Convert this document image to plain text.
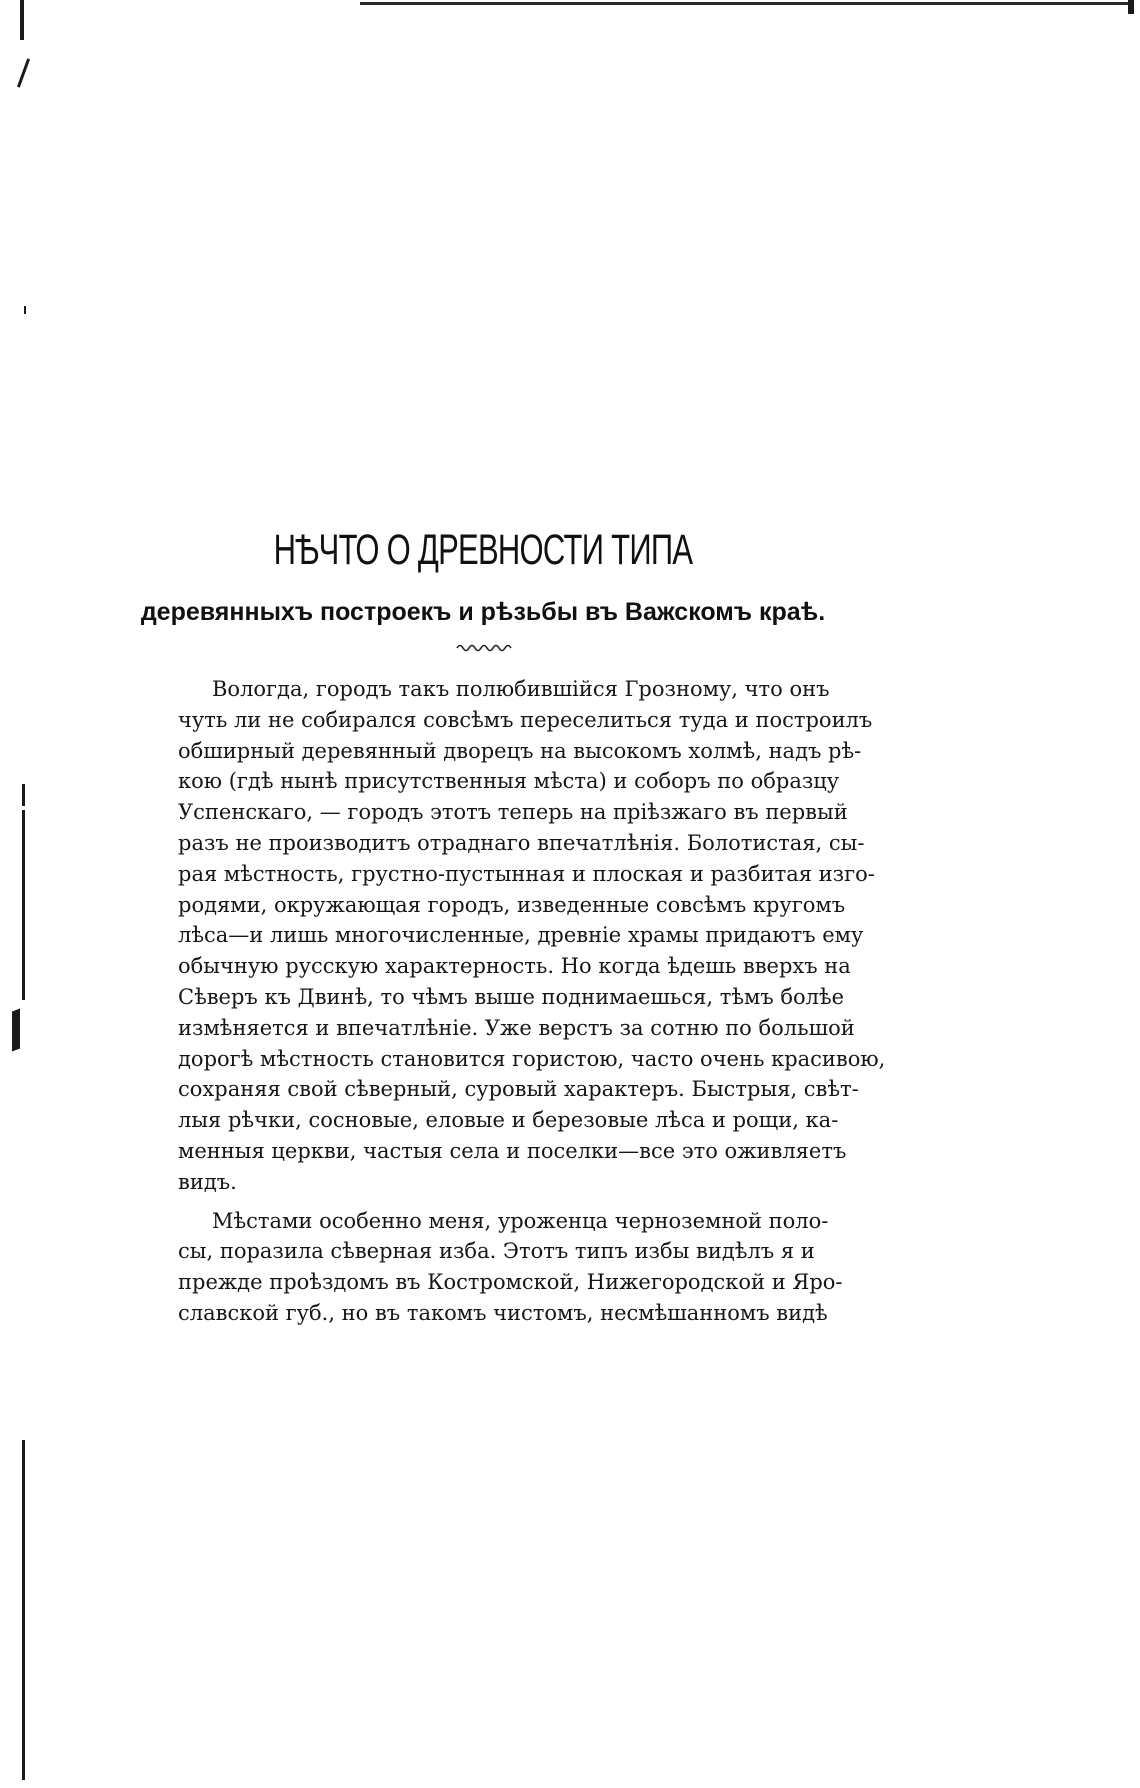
НѢЧТО О ДРЕВНОСТИ ТИПА
деревянныхъ построекъ и рѣзьбы въ Важскомъ краѣ.
Вологда, городъ такъ полюбившiйся Грозному, что онъ
чуть ли не собирался совсѣмъ переселиться туда и построилъ
обширный деревянный дворецъ на высокомъ холмѣ, надъ рѣ-
кою (гдѣ нынѣ присутственныя мѣста) и соборъ по образцу
Успенскаго, — городъ этотъ теперь на прiѣзжаго въ первый
разъ не производитъ отраднаго впечатлѣнiя. Болотистая, сы-
рая мѣстность, грустно-пустынная и плоская и разбитая изго-
родями, окружающая городъ, изведенные совсѣмъ кругомъ
лѣса—и лишь многочисленные, древнiе храмы придаютъ ему
обычную русскую характерность. Но когда ѣдешь вверхъ на
Сѣверъ къ Двинѣ, то чѣмъ выше поднимаешься, тѣмъ болѣе
измѣняется и впечатлѣнiе. Уже верстъ за сотню по большой
дорогѣ мѣстность становится гористою, часто очень красивою,
сохраняя свой сѣверный, суровый характеръ. Быстрыя, свѣт-
лыя рѣчки, сосновые, еловые и березовые лѣса и рощи, ка-
менныя церкви, частыя села и поселки—все это оживляетъ
видъ.
Мѣстами особенно меня, уроженца черноземной поло-
сы, поразила сѣверная изба. Этотъ типъ избы видѣлъ я и
прежде проѣздомъ въ Костромской, Нижегородской и Яро-
славской губ., но въ такомъ чистомъ, несмѣшанномъ видѣ
